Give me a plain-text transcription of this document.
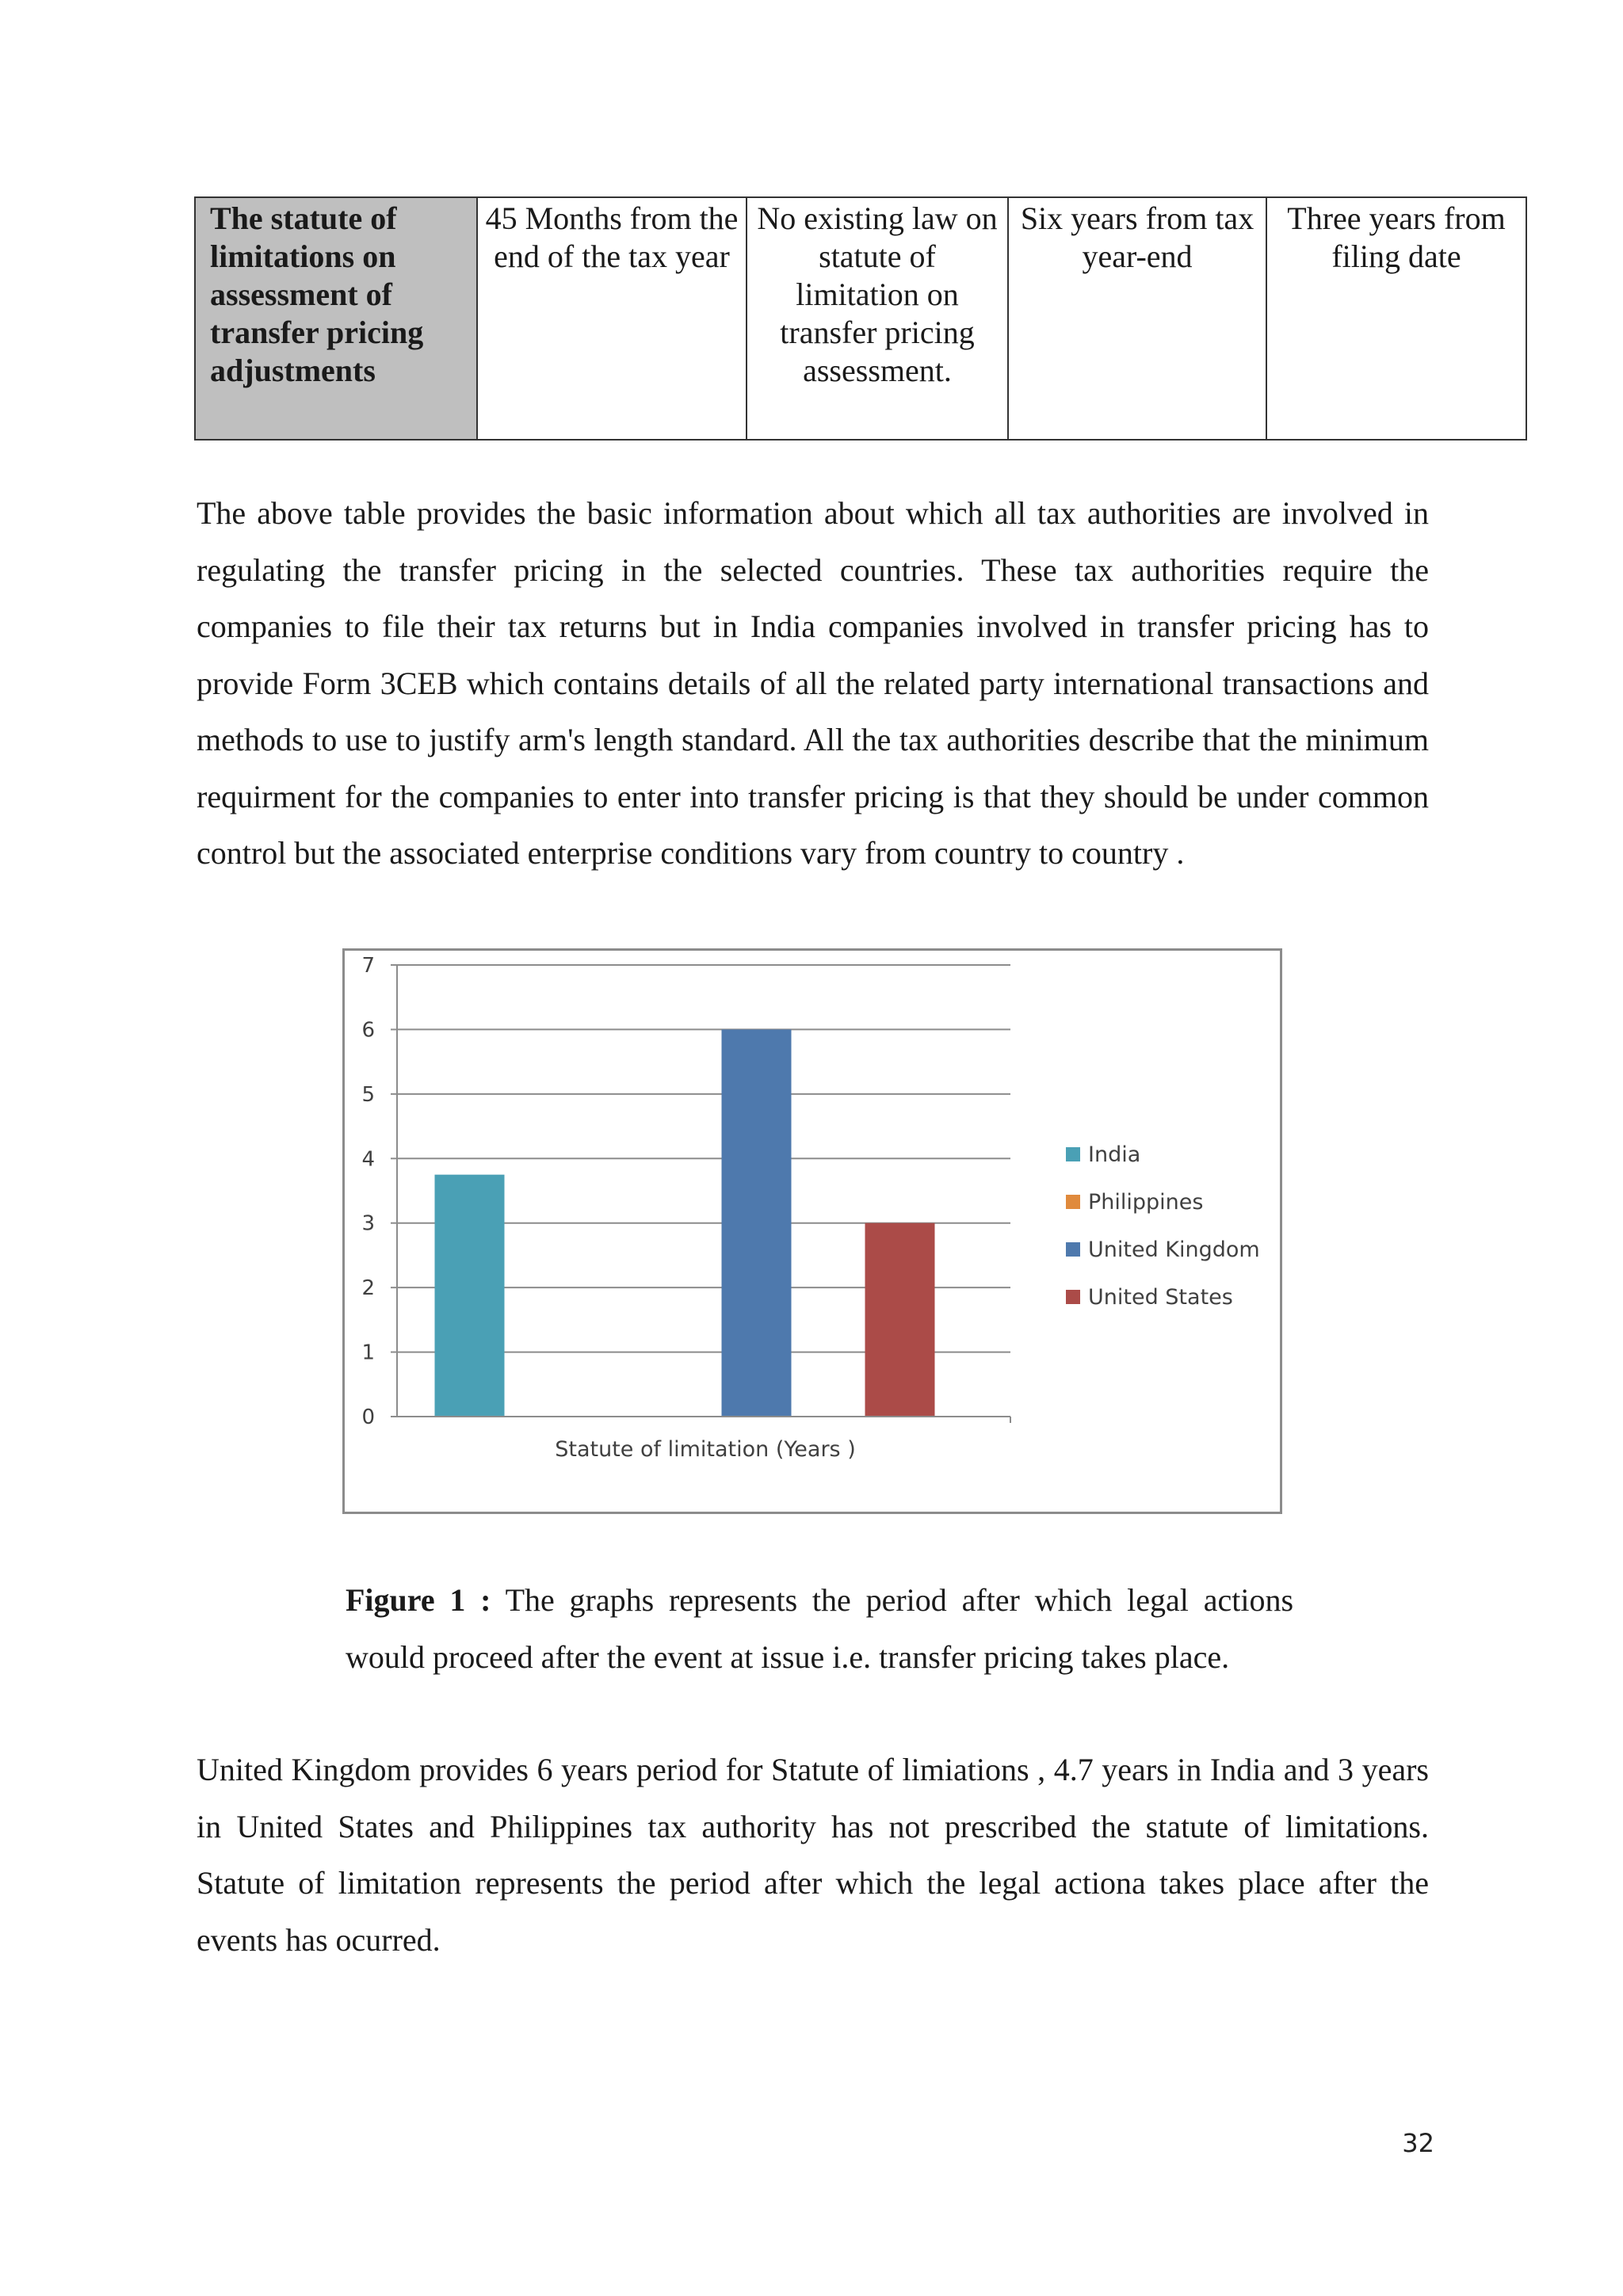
The statute of limitations on assessment of transfer pricing adjustments	45 Months from the end of the tax year	No existing law on statute of limitation on transfer pricing assessment.	Six years from tax year-end	Three years from filing date

The above table provides the basic information about which all tax authorities are involved in regulating the transfer pricing in the selected countries. These tax authorities require the companies to file their tax returns but in India companies involved in transfer pricing has to provide Form 3CEB which contains details of all the related party international transactions and methods to use to justify arm's length standard. All the tax authorities describe that the minimum requirment for the companies to enter into transfer pricing is that they should be under common control but the associated enterprise conditions vary from country to country .

0
1
2
3
4
5
6
7
India
Philippines
United Kingdom
United States
Statute of limitation (Years )

Figure 1 : The graphs represents the period after which legal actions would proceed after the event at issue i.e. transfer pricing takes place.

United Kingdom provides 6 years period for Statute of limiations , 4.7 years in India and 3 years in United States and Philippines tax authority has not prescribed the statute of limitations. Statute of limitation represents the period after which the legal actiona takes place after the events has ocurred.

32
